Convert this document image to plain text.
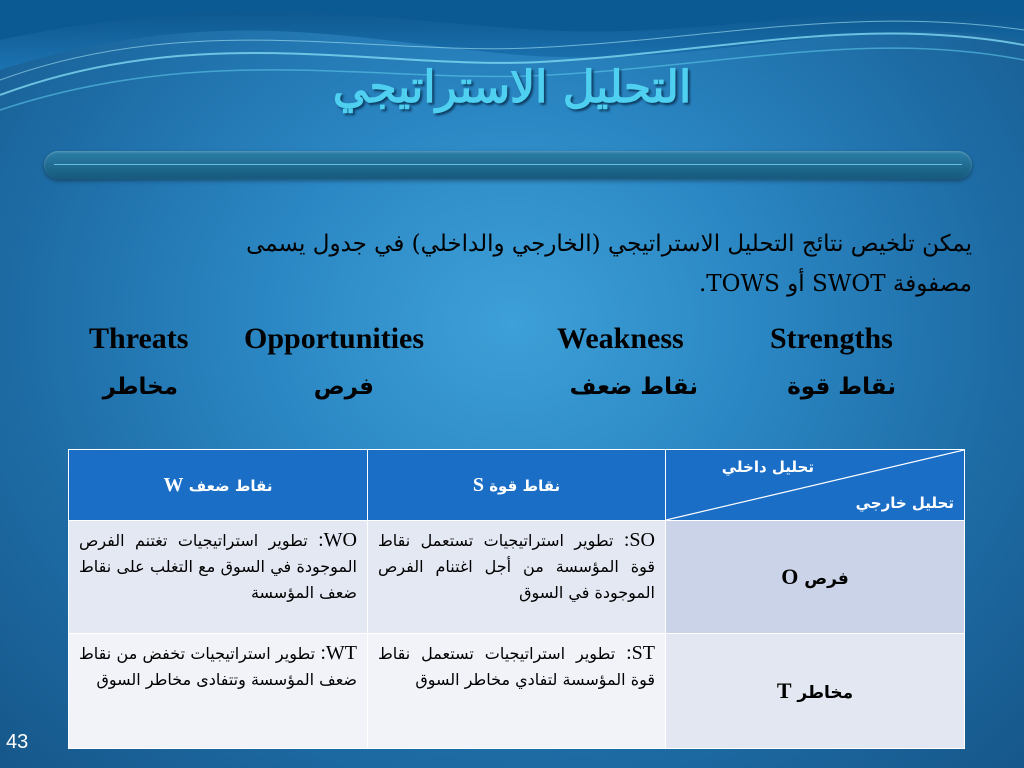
التحليل الاستراتيجي
يمكن تلخيص نتائج التحليل الاستراتيجي (الخارجي والداخلي) في جدول يسمى
مصفوفة SWOT أو TOWS.
Strengths
Weakness
Opportunities
Threats
نقاط قوة
نقاط ضعف
فرص
مخاطر
تحليل داخلي
تحليل خارجي	نقاط قوة S	نقاط ضعف W
فرص O	SO: تطوير استراتيجيات تستعمل نقاط قوة المؤسسة من أجل اغتنام الفرص الموجودة في السوق	WO: تطوير استراتيجيات تغتنم الفرص الموجودة في السوق مع التغلب على نقاط ضعف المؤسسة
مخاطر T	ST: تطوير استراتيجيات تستعمل نقاط قوة المؤسسة لتفادي مخاطر السوق	WT: تطوير استراتيجيات تخفض من نقاط ضعف المؤسسة وتتفادى مخاطر السوق
43
